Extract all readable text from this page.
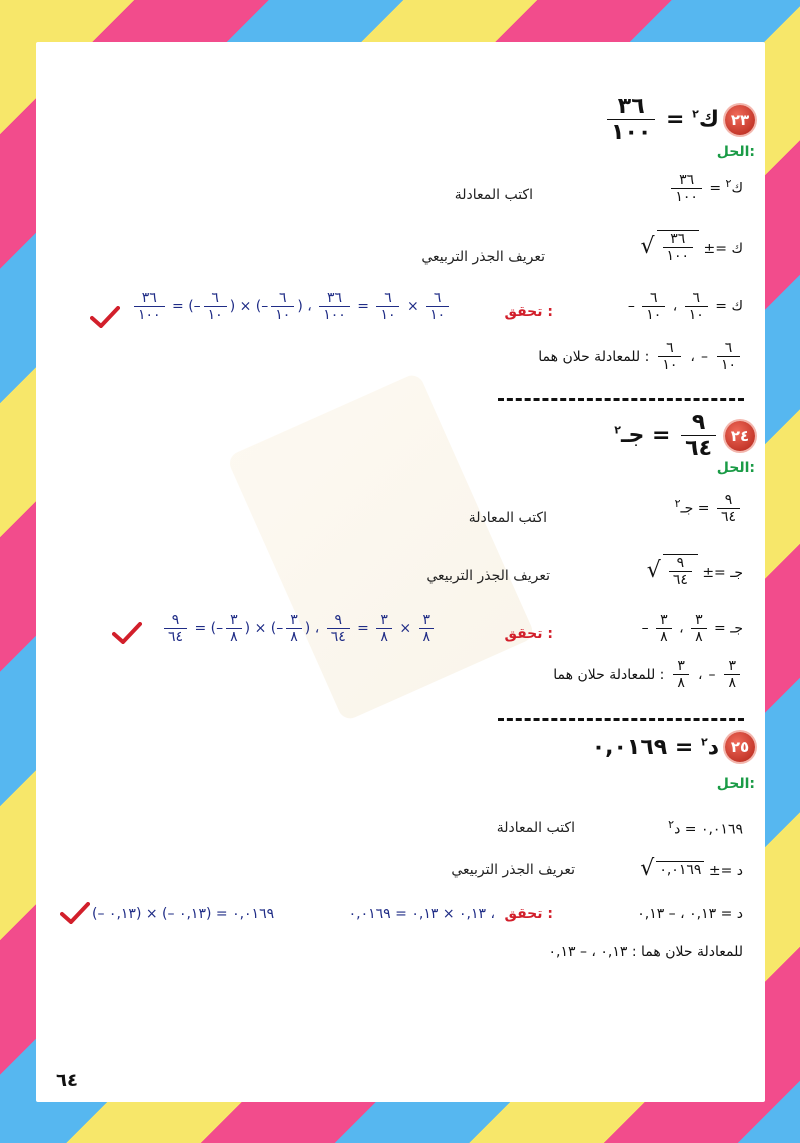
$\frac{٣٦}{١٠٠}$ = ك$^٢$	٢٣
الحل:
$\frac{٣٦}{١٠٠}$ = ك$^٢$
اكتب المعادلة
√ $\frac{٣٦}{١٠٠}$ ±= ك
تعريف الجذر التربيعي
– $\frac{٦}{١٠}$ ، $\frac{٦}{١٠}$ = ك
تحقق :
$\frac{٣٦}{١٠٠}$ = (– $\frac{٦}{١٠}$ ) × (– $\frac{٦}{١٠}$ ) ، $\frac{٣٦}{١٠٠} = \frac{٦}{١٠} \times \frac{٦}{١٠}$
للمعادلة حلان هما : $\frac{٦}{١٠}$ ، – $\frac{٦}{١٠}$
جـ$^٢$ = $\frac{٩}{٦٤}$ ٢٤
الحل:
جـ$^٢$ = $\frac{٩}{٦٤}$
اكتب المعادلة
√ $\frac{٩}{٦٤}$ ±= جـ
تعريف الجذر التربيعي
– $\frac{٣}{٨}$ ، $\frac{٣}{٨}$ = جـ
تحقق :
$\frac{٩}{٦٤}$ = (– $\frac{٣}{٨}$ ) × (– $\frac{٣}{٨}$ ) ، $\frac{٩}{٦٤} = \frac{٣}{٨} \times \frac{٣}{٨}$
للمعادلة حلان هما : $\frac{٣}{٨}$ ، – $\frac{٣}{٨}$
د$^٢$ = ٠,٠١٦٩	٢٥
الحل:
٠,٠١٦٩ = د$^٢$
اكتب المعادلة
√ ٠,٠١٦٩ ±= د
تعريف الجذر التربيعي
د = ٠,١٣ ، – ٠,١٣
تحقق :
٠,١٣ × ٠,١٣ = ٠,٠١٦٩ ،
(– ٠,١٣) × (– ٠,١٣) = ٠,٠١٦٩
للمعادلة حلان هما : ٠,١٣ ، – ٠,١٣
٦٤
